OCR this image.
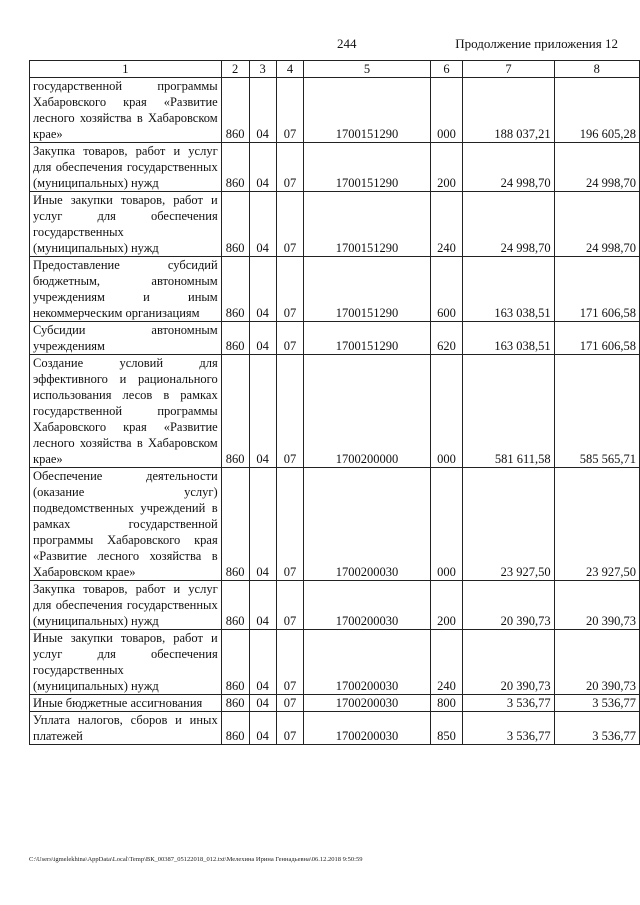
244	Продолжение приложения 12
1	2	3	4	5	6	7	8
государственной программы Хабаровского края «Развитие лесного хозяйства в Хабаровском крае»	860	04	07	1700151290	000	188 037,21	196 605,28
Закупка товаров, работ и услуг для обеспечения государственных (муниципальных) нужд	860	04	07	1700151290	200	24 998,70	24 998,70
Иные закупки товаров, работ и услуг для обеспечения государственных (муниципальных) нужд	860	04	07	1700151290	240	24 998,70	24 998,70
Предоставление субсидий бюджетным, автономным учреждениям и иным некоммерческим организациям	860	04	07	1700151290	600	163 038,51	171 606,58
Субсидии автономным учреждениям	860	04	07	1700151290	620	163 038,51	171 606,58
Создание условий для эффективного и рационального использования лесов в рамках государственной программы Хабаровского края «Развитие лесного хозяйства в Хабаровском крае»	860	04	07	1700200000	000	581 611,58	585 565,71
Обеспечение деятельности (оказание услуг) подведомственных учреждений в рамках государственной программы Хабаровского края «Развитие лесного хозяйства в Хабаровском крае»	860	04	07	1700200030	000	23 927,50	23 927,50
Закупка товаров, работ и услуг для обеспечения государственных (муниципальных) нужд	860	04	07	1700200030	200	20 390,73	20 390,73
Иные закупки товаров, работ и услуг для обеспечения государственных (муниципальных) нужд	860	04	07	1700200030	240	20 390,73	20 390,73
Иные бюджетные ассигнования	860	04	07	1700200030	800	3 536,77	3 536,77
Уплата налогов, сборов и иных платежей	860	04	07	1700200030	850	3 536,77	3 536,77
C:\Users\igmelekhina\AppData\Local\Temp\ВК_00387_05122018_012.txt\Мелехина Ирина Геннадьевна\06.12.2018 9:50:59
